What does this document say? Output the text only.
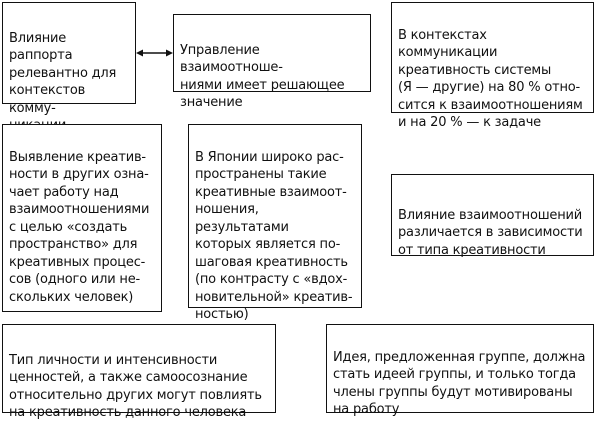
Влияние раппорта
релевантно для
контекстов комму-

Управление взаимоотноше-
ниями имеет решающее
значение

В контекстах коммуникации
креативность системы
(Я — другие) на 80 % отно-
сится к взаимоотношениям
и на 20 % — к задаче

Выявление креатив-
ности в других озна-
чает работу над
взаимоотношениями
с целью «создать
пространство» для
креативных процес-
сов (одного или не-
скольких человек)

В Японии широко рас-
пространены такие
креативные взаимоот-
ношения, результатами
которых является по-
шаговая креативность
(по контрасту с «вдох-
новительной» креатив-
ностью)

Влияние взаимоотношений
различается в зависимости
от типа креативности

Тип личности и интенсивности
ценностей, а также самоосознание
относительно других могут повлиять
на креативность данного человека

Идея, предложенная группе, должна
стать идеей группы, и только тогда
члены группы будут мотивированы
на работу
